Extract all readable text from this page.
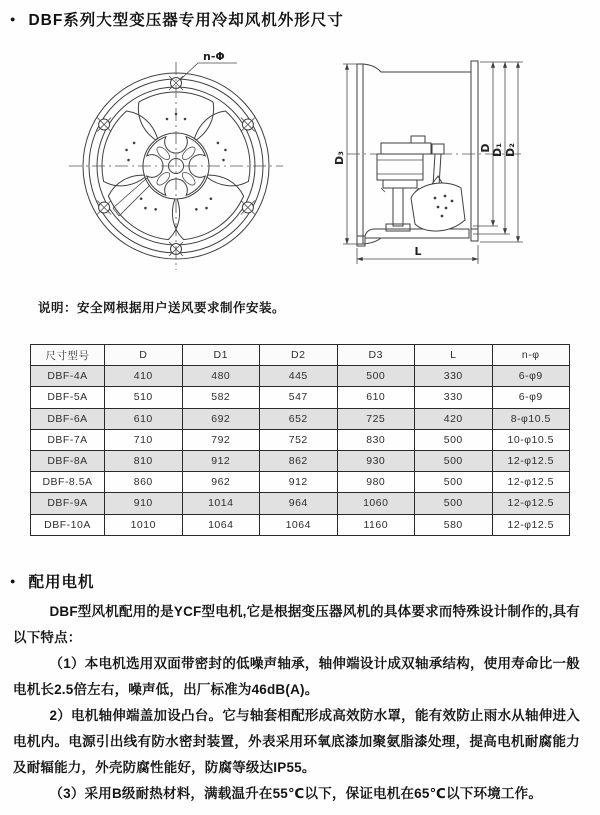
● DBF系列大型变压器专用冷却风机外形尺寸
n-Φ
D₃
D D₁ D₂
L

说明：安全网根据用户送风要求制作安装。

尺寸型号	D	D1	D2	D3	L	n-φ
DBF-4A	410	480	445	500	330	6-φ9
DBF-5A	510	582	547	610	330	6-φ9
DBF-6A	610	692	652	725	420	8-φ10.5
DBF-7A	710	792	752	830	500	10-φ10.5
DBF-8A	810	912	862	930	500	12-φ12.5
DBF-8.5A	860	962	912	980	500	12-φ12.5
DBF-9A	910	1014	964	1060	500	12-φ12.5
DBF-10A	1010	1064	1064	1160	580	12-φ12.5
● 配用电机

DBF型风机配用的是YCF型电机,它是根据变压器风机的具体要求而特殊设计制作的,具有以下特点：

（1）本电机选用双面带密封的低噪声轴承，轴伸端设计成双轴承结构，使用寿命比一般电机长2.5倍左右，噪声低，出厂标准为46dB(A)。

2）电机轴伸端盖加设凸台。它与轴套相配形成高效防水罩，能有效防止雨水从轴伸进入电机内。电源引出线有防水密封装置，外表采用环氧底漆加聚氨脂漆处理，提高电机耐腐能力及耐辐能力，外壳防腐性能好，防腐等级达IP55。

（3）采用B级耐热材料，满载温升在55℃以下，保证电机在65℃以下环境工作。
